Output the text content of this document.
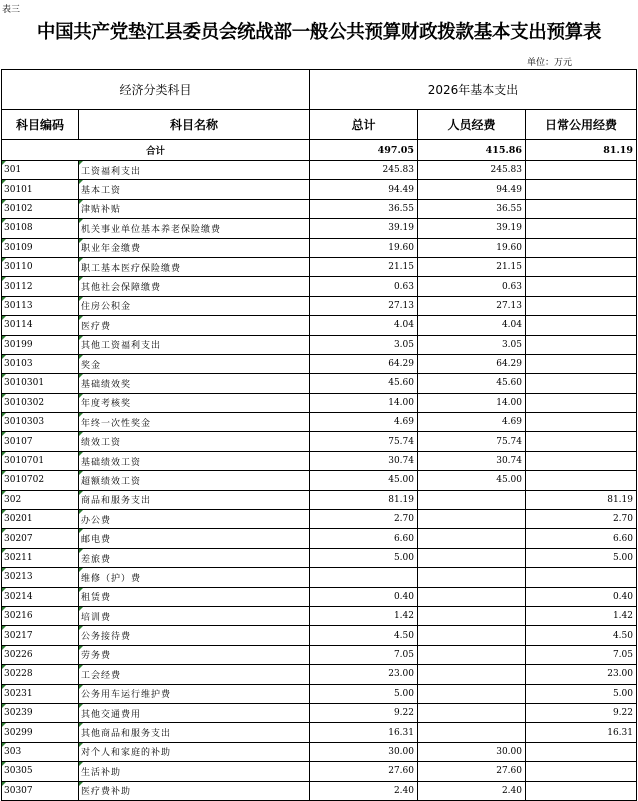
表三
中国共产党垫江县委员会统战部一般公共预算财政拨款基本支出预算表
单位：万元
经济分类科目		2026年基本支出		
科目编码	科目名称	总计	人员经费	日常公用经费
合计		497.05	415.86	81.19
301	工资福利支出	245.83	245.83	
30101	基本工资	94.49	94.49	
30102	津贴补贴	36.55	36.55	
30108	机关事业单位基本养老保险缴费	39.19	39.19	
30109	职业年金缴费	19.60	19.60	
30110	职工基本医疗保险缴费	21.15	21.15	
30112	其他社会保障缴费	0.63	0.63	
30113	住房公积金	27.13	27.13	
30114	医疗费	4.04	4.04	
30199	其他工资福利支出	3.05	3.05	
30103	奖金	64.29	64.29	
3010301	基础绩效奖	45.60	45.60	
3010302	年度考核奖	14.00	14.00	
3010303	年终一次性奖金	4.69	4.69	
30107	绩效工资	75.74	75.74	
3010701	基础绩效工资	30.74	30.74	
3010702	超额绩效工资	45.00	45.00	
302	商品和服务支出	81.19		81.19
30201	办公费	2.70		2.70
30207	邮电费	6.60		6.60
30211	差旅费	5.00		5.00
30213	维修（护）费			
30214	租赁费	0.40		0.40
30216	培训费	1.42		1.42
30217	公务接待费	4.50		4.50
30226	劳务费	7.05		7.05
30228	工会经费	23.00		23.00
30231	公务用车运行维护费	5.00		5.00
30239	其他交通费用	9.22		9.22
30299	其他商品和服务支出	16.31		16.31
303	对个人和家庭的补助	30.00	30.00	
30305	生活补助	27.60	27.60	
30307	医疗费补助	2.40	2.40	
